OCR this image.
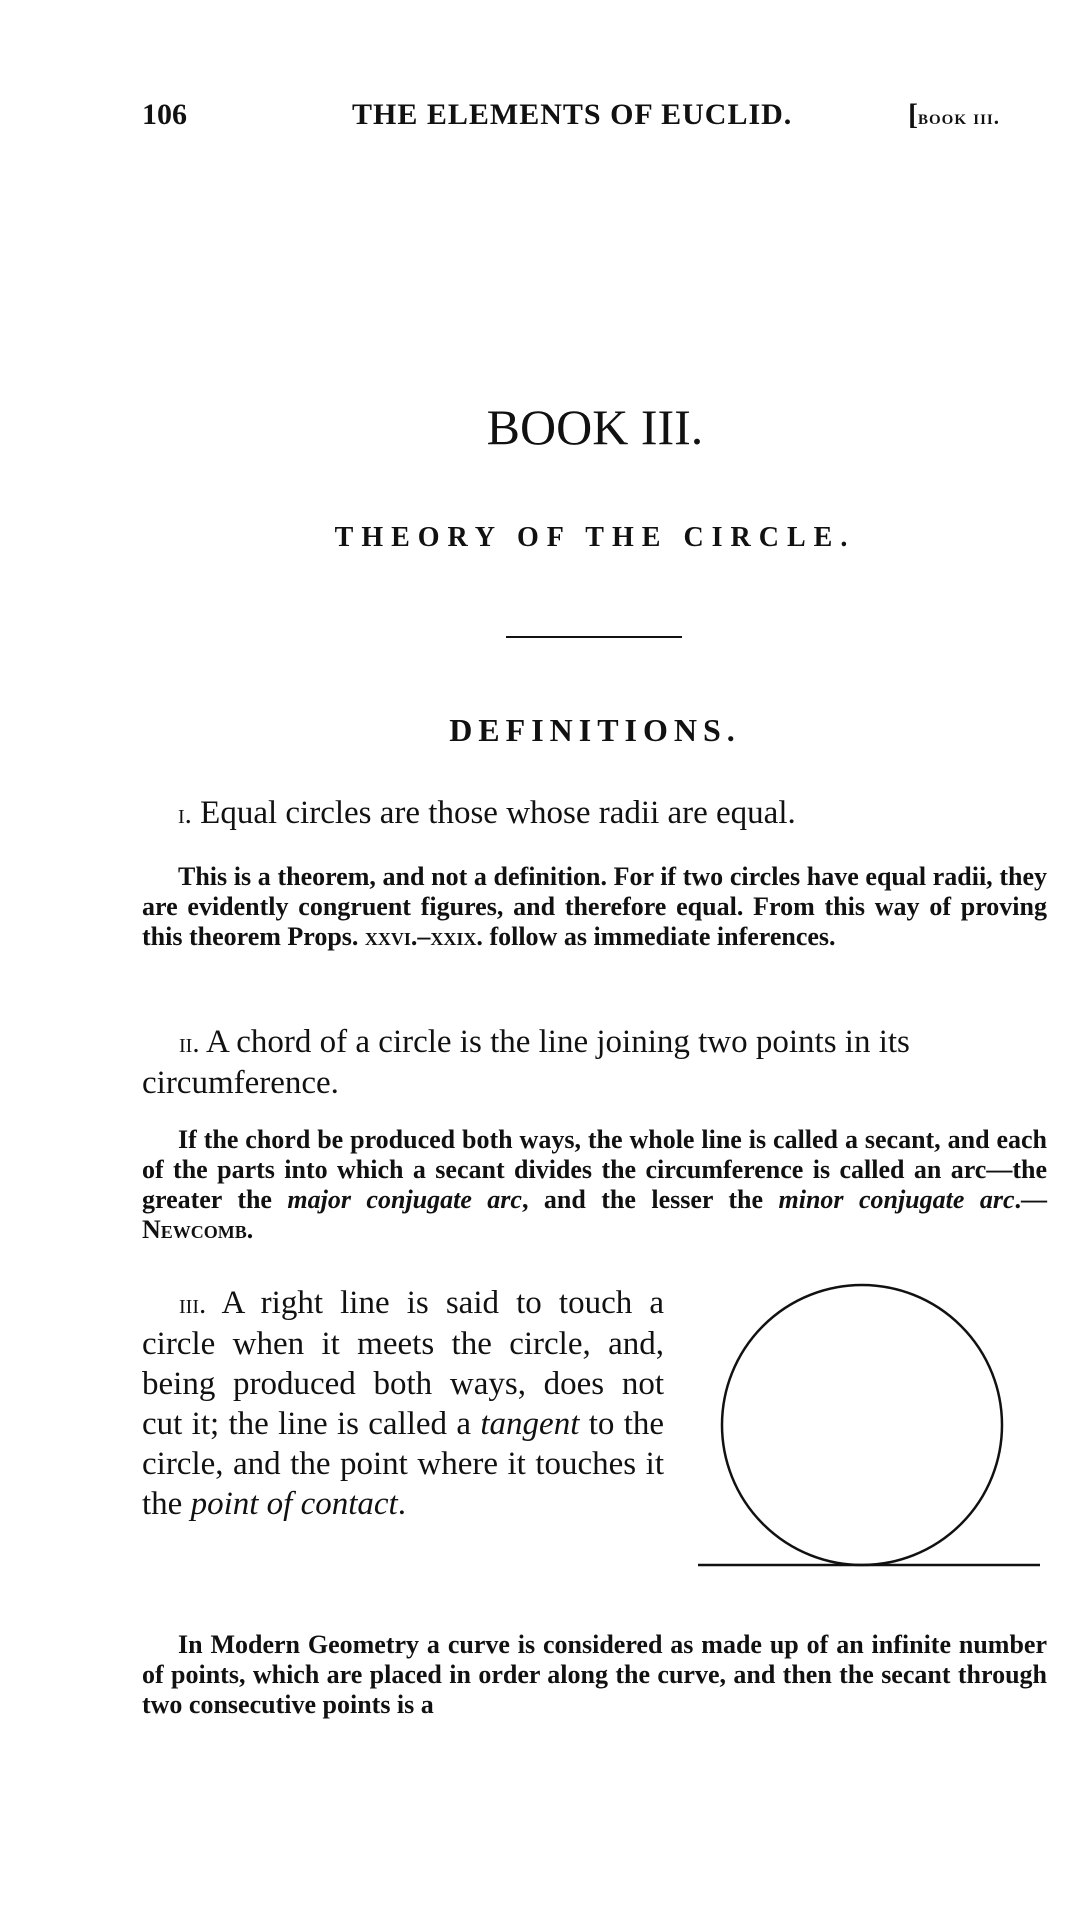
106	THE ELEMENTS OF EUCLID.	[book iii.
BOOK III.
THEORY OF THE CIRCLE.
DEFINITIONS.
i. Equal circles are those whose radii are equal.
This is a theorem, and not a definition. For if two circles have equal radii, they are evidently congruent figures, and therefore equal. From this way of proving this theorem Props. xxvi.–xxix. follow as immediate inferences.
ii. A chord of a circle is the line joining two points in its circumference.
If the chord be produced both ways, the whole line is called a secant, and each of the parts into which a secant divides the circumference is called an arc—the greater the major conjugate arc, and the lesser the minor conjugate arc.—Newcomb.
iii. A right line is said to touch a circle when it meets the circle, and, being produced both ways, does not cut it; the line is called a tangent to the circle, and the point where it touches it the point of contact.
In Modern Geometry a curve is considered as made up of an infinite number of points, which are placed in order along the curve, and then the secant through two consecutive points is a
